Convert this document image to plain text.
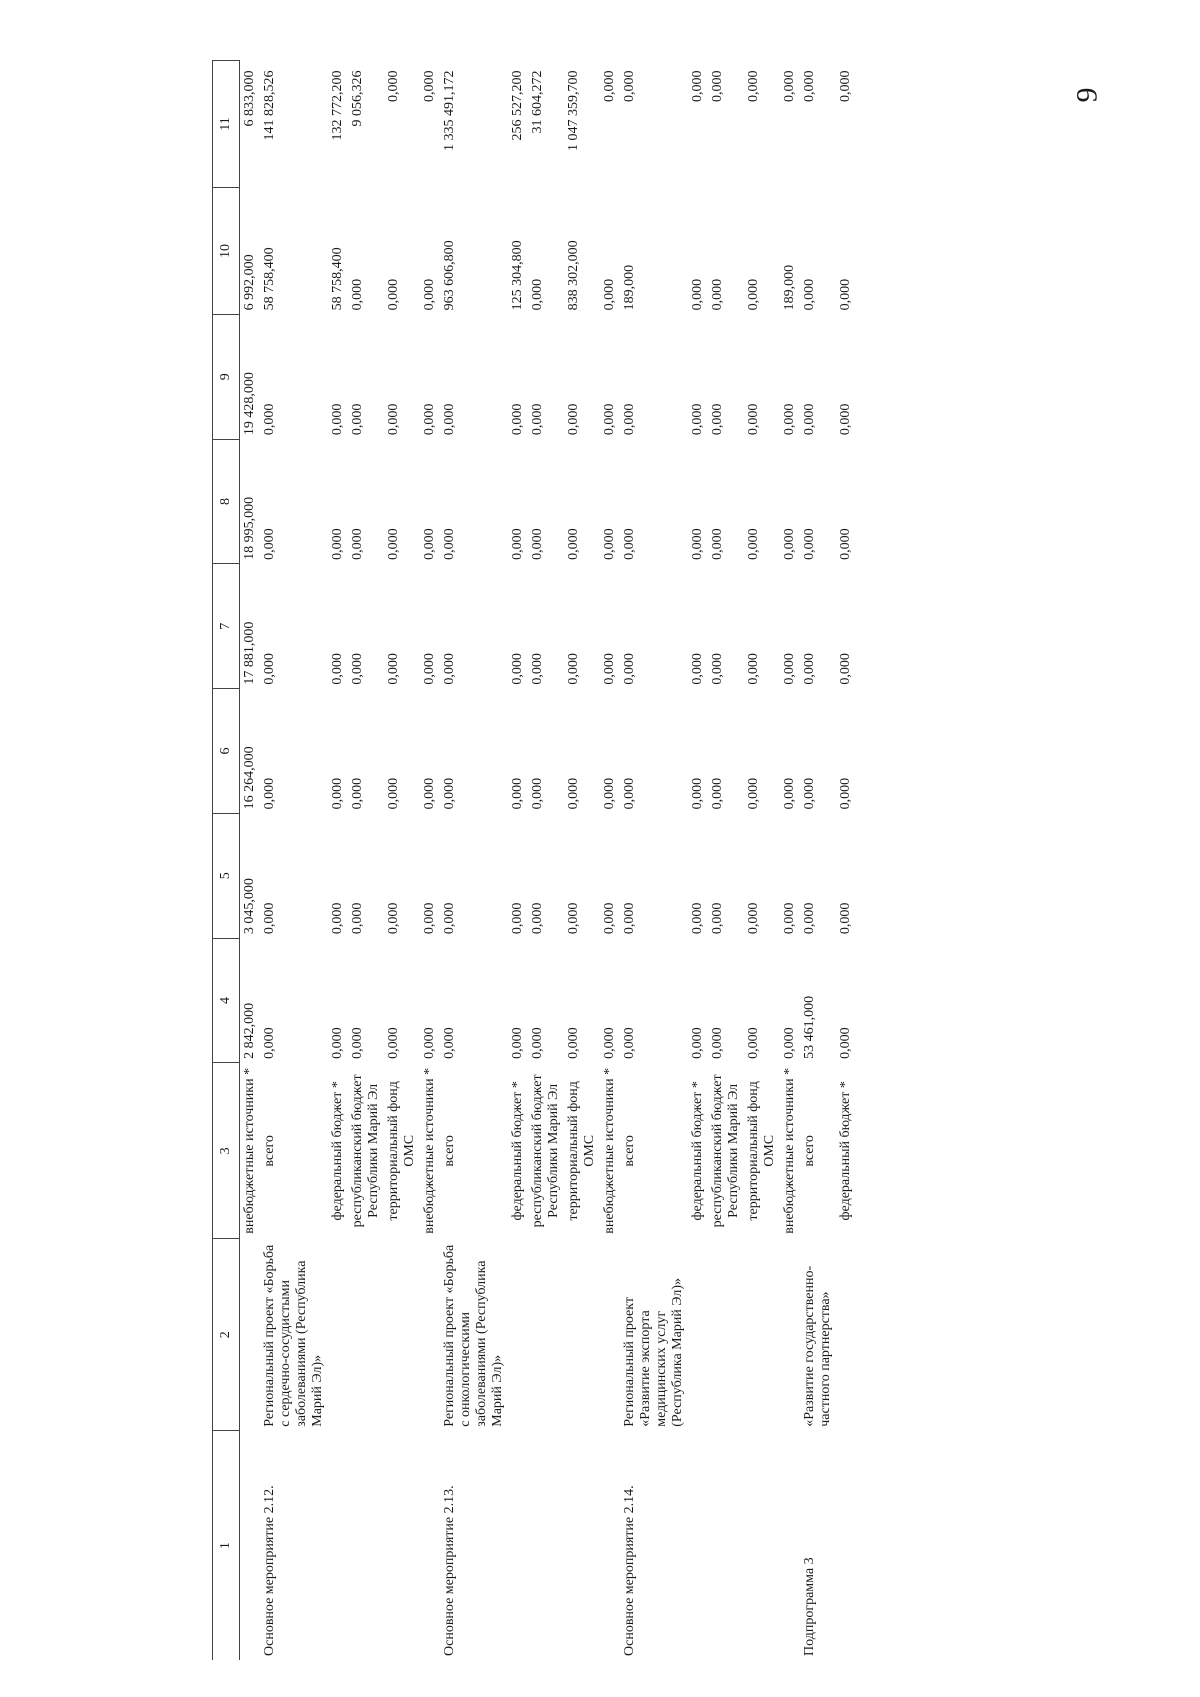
9
1	2	3	4	5	6	7	8	9	10	11
		внебюджетные источники *	2 842,000	3 045,000	16 264,000	17 881,000	18 995,000	19 428,000	6 992,000	6 833,000
Основное мероприятие 2.12.	Региональный проект «Борьба с сердечно-сосудистыми заболеваниями (Республика Марий Эл)»	всего	0,000	0,000	0,000	0,000	0,000	0,000	58 758,400	141 828,526
		федеральный бюджет *	0,000	0,000	0,000	0,000	0,000	0,000	58 758,400	132 772,200
		республиканский бюджет Республики Марий Эл	0,000	0,000	0,000	0,000	0,000	0,000	0,000	9 056,326
		территориальный фонд ОМС	0,000	0,000	0,000	0,000	0,000	0,000	0,000	0,000
		внебюджетные источники *	0,000	0,000	0,000	0,000	0,000	0,000	0,000	0,000
Основное мероприятие 2.13.	Региональный проект «Борьба с онкологическими заболеваниями (Республика Марий Эл)»	всего	0,000	0,000	0,000	0,000	0,000	0,000	963 606,800	1 335 491,172
		федеральный бюджет *	0,000	0,000	0,000	0,000	0,000	0,000	125 304,800	256 527,200
		республиканский бюджет Республики Марий Эл	0,000	0,000	0,000	0,000	0,000	0,000	0,000	31 604,272
		территориальный фонд ОМС	0,000	0,000	0,000	0,000	0,000	0,000	838 302,000	1 047 359,700
		внебюджетные источники *	0,000	0,000	0,000	0,000	0,000	0,000	0,000	0,000
Основное мероприятие 2.14.	Региональный проект «Развитие экспорта медицинских услуг (Республика Марий Эл)»	всего	0,000	0,000	0,000	0,000	0,000	0,000	189,000	0,000
		федеральный бюджет *	0,000	0,000	0,000	0,000	0,000	0,000	0,000	0,000
		республиканский бюджет Республики Марий Эл	0,000	0,000	0,000	0,000	0,000	0,000	0,000	0,000
		территориальный фонд ОМС	0,000	0,000	0,000	0,000	0,000	0,000	0,000	0,000
		внебюджетные источники *	0,000	0,000	0,000	0,000	0,000	0,000	189,000	0,000
Подпрограмма 3	«Развитие государственно-частного партнерства»	всего	53 461,000	0,000	0,000	0,000	0,000	0,000	0,000	0,000
		федеральный бюджет *	0,000	0,000	0,000	0,000	0,000	0,000	0,000	0,000
